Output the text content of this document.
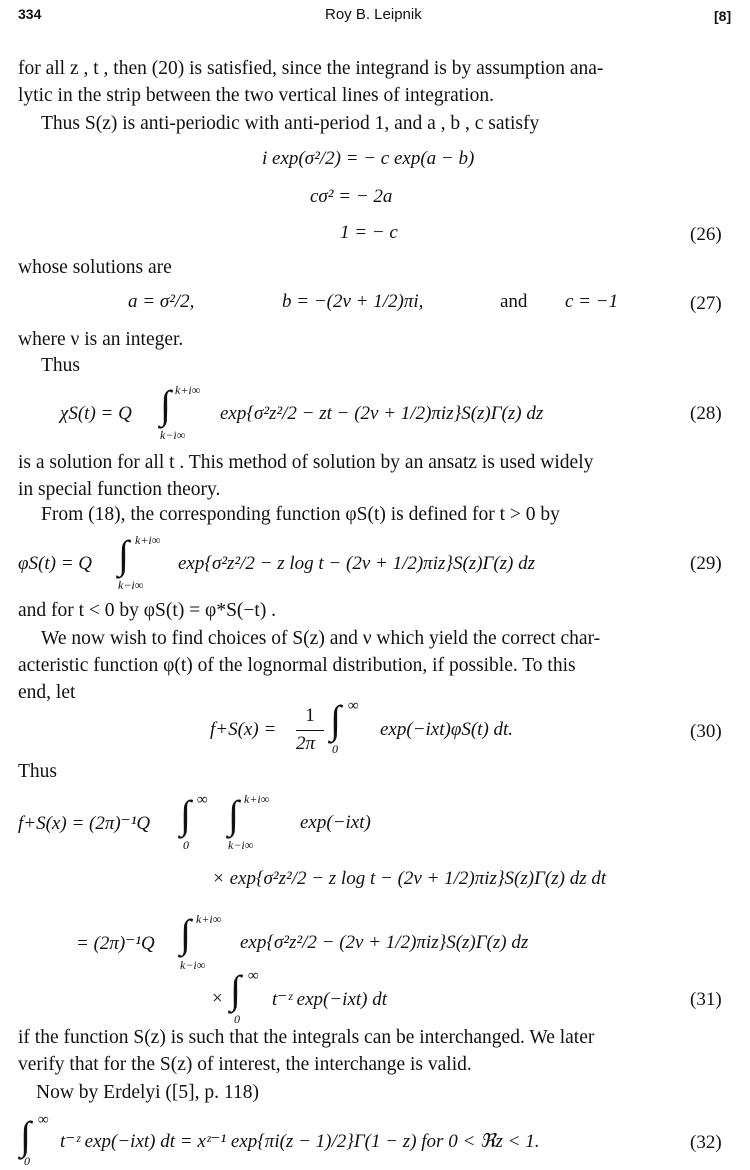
334	Roy B. Leipnik	[8]
for all z , t , then (20) is satisfied, since the integrand is by assumption ana-
lytic in the strip between the two vertical lines of integration.
Thus S(z) is anti-periodic with anti-period 1, and a , b , c satisfy
i exp(σ²/2) = − c exp(a − b)
cσ² = − 2a
1 = − c	(26)
whose solutions are
a = σ²/2,	b = −(2ν + 1/2)πi,	and c = −1	(27)
where ν is an integer.
Thus
χS(t) = Q ∫ k+i∞
k−i∞
exp{σ²z²/2 − zt − (2ν + 1/2)πiz}S(z)Γ(z) dz	(28)
is a solution for all t . This method of solution by an ansatz is used widely
in special function theory.
From (18), the corresponding function φS(t) is defined for t > 0 by
φS(t) = Q ∫ k+i∞
k−i∞
exp{σ²z²/2 − z log t − (2ν + 1/2)πiz}S(z)Γ(z) dz	(29)
and for t < 0 by φS(t) = φ*S(−t) .
We now wish to find choices of S(z) and ν which yield the correct char-
acteristic function φ(t) of the lognormal distribution, if possible. To this
end, let
f+S(x) =
1
2π
∫ ∞
0
exp(−ixt)φS(t) dt.	(30)
Thus
f+S(x) = (2π)⁻¹Q ∫ ∞
0
∫ k+i∞
k−i∞
exp(−ixt)
× exp{σ²z²/2 − z log t − (2ν + 1/2)πiz}S(z)Γ(z) dz dt
= (2π)⁻¹Q ∫ k+i∞
k−i∞
exp{σ²z²/2 − (2ν + 1/2)πiz}S(z)Γ(z) dz
× ∫ ∞
0
t⁻ᶻ exp(−ixt) dt	(31)
if the function S(z) is such that the integrals can be interchanged. We later
verify that for the S(z) of interest, the interchange is valid.
Now by Erdelyi ([5], p. 118)
∫ ∞
0
t⁻ᶻ exp(−ixt) dt = xᶻ⁻¹ exp{πi(z − 1)/2}Γ(1 − z) for 0 < ℜz < 1.	(32)
